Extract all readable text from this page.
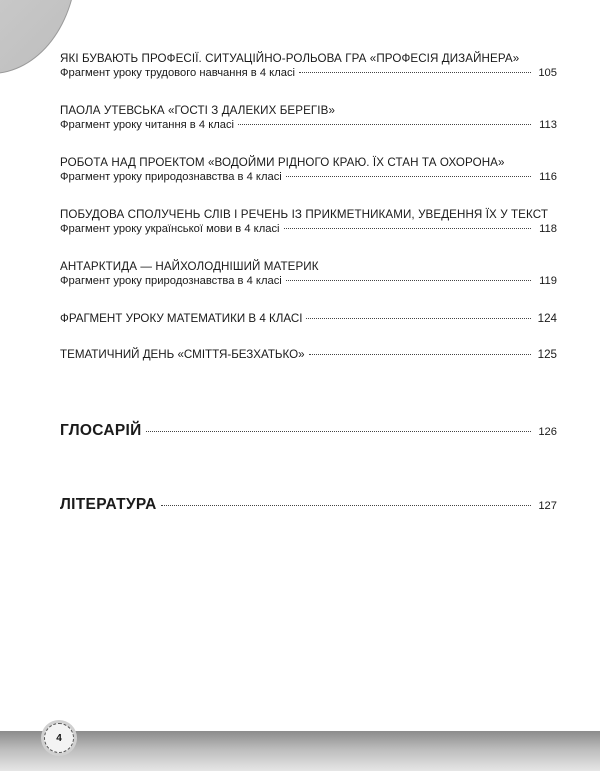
ЯКІ БУВАЮТЬ ПРОФЕСІЇ. СИТУАЦІЙНО-РОЛЬОВА ГРА «ПРОФЕСІЯ ДИЗАЙНЕРА»
Фрагмент уроку трудового навчання в 4 класі	105
ПАОЛА УТЕВСЬКА «ГОСТІ З ДАЛЕКИХ БЕРЕГІВ»
Фрагмент уроку читання в 4 класі	113
РОБОТА НАД ПРОЕКТОМ «ВОДОЙМИ РІДНОГО КРАЮ. ЇХ СТАН ТА ОХОРОНА»
Фрагмент уроку природознавства в 4 класі	116
ПОБУДОВА СПОЛУЧЕНЬ СЛІВ І РЕЧЕНЬ ІЗ ПРИКМЕТНИКАМИ, УВЕДЕННЯ ЇХ У ТЕКСТ
Фрагмент уроку української мови в 4 класі	118
АНТАРКТИДА — НАЙХОЛОДНІШИЙ МАТЕРИК
Фрагмент уроку природознавства в 4 класі	119
ФРАГМЕНТ УРОКУ МАТЕМАТИКИ В 4 КЛАСІ	124
ТЕМАТИЧНИЙ ДЕНЬ «СМІТТЯ-БЕЗХАТЬКО»	125
ГЛОСАРІЙ	126
ЛІТЕРАТУРА	127
4
